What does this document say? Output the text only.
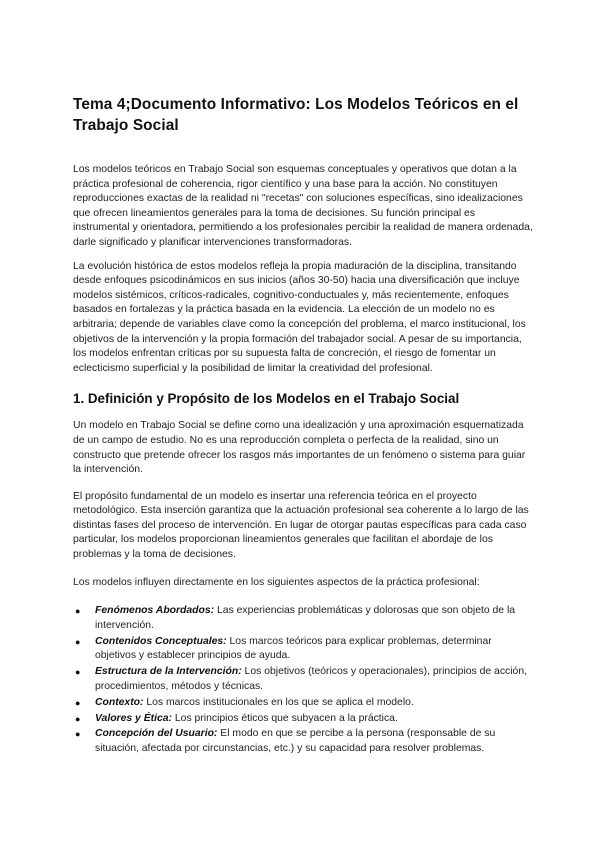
Tema 4;Documento Informativo: Los Modelos Teóricos en el Trabajo Social

Los modelos teóricos en Trabajo Social son esquemas conceptuales y operativos que dotan a la práctica profesional de coherencia, rigor científico y una base para la acción. No constituyen reproducciones exactas de la realidad ni "recetas" con soluciones específicas, sino idealizaciones que ofrecen lineamientos generales para la toma de decisiones. Su función principal es instrumental y orientadora, permitiendo a los profesionales percibir la realidad de manera ordenada, darle significado y planificar intervenciones transformadoras.

La evolución histórica de estos modelos refleja la propia maduración de la disciplina, transitando desde enfoques psicodinámicos en sus inicios (años 30-50) hacia una diversificación que incluye modelos sistémicos, críticos-radicales, cognitivo-conductuales y, más recientemente, enfoques basados en fortalezas y la práctica basada en la evidencia. La elección de un modelo no es arbitraria; depende de variables clave como la concepción del problema, el marco institucional, los objetivos de la intervención y la propia formación del trabajador social. A pesar de su importancia, los modelos enfrentan críticas por su supuesta falta de concreción, el riesgo de fomentar un eclecticismo superficial y la posibilidad de limitar la creatividad del profesional.

1. Definición y Propósito de los Modelos en el Trabajo Social

Un modelo en Trabajo Social se define como una idealización y una aproximación esquematizada de un campo de estudio. No es una reproducción completa o perfecta de la realidad, sino un constructo que pretende ofrecer los rasgos más importantes de un fenómeno o sistema para guiar la intervención.

El propósito fundamental de un modelo es insertar una referencia teórica en el proyecto metodológico. Esta inserción garantiza que la actuación profesional sea coherente a lo largo de las distintas fases del proceso de intervención. En lugar de otorgar pautas específicas para cada caso particular, los modelos proporcionan lineamientos generales que facilitan el abordaje de los problemas y la toma de decisiones.

Los modelos influyen directamente en los siguientes aspectos de la práctica profesional:

● Fenómenos Abordados: Las experiencias problemáticas y dolorosas que son objeto de la intervención.
● Contenidos Conceptuales: Los marcos teóricos para explicar problemas, determinar objetivos y establecer principios de ayuda.
● Estructura de la Intervención: Los objetivos (teóricos y operacionales), principios de acción, procedimientos, métodos y técnicas.
● Contexto: Los marcos institucionales en los que se aplica el modelo.
● Valores y Ética: Los principios éticos que subyacen a la práctica.
● Concepción del Usuario: El modo en que se percibe a la persona (responsable de su situación, afectada por circunstancias, etc.) y su capacidad para resolver problemas.
